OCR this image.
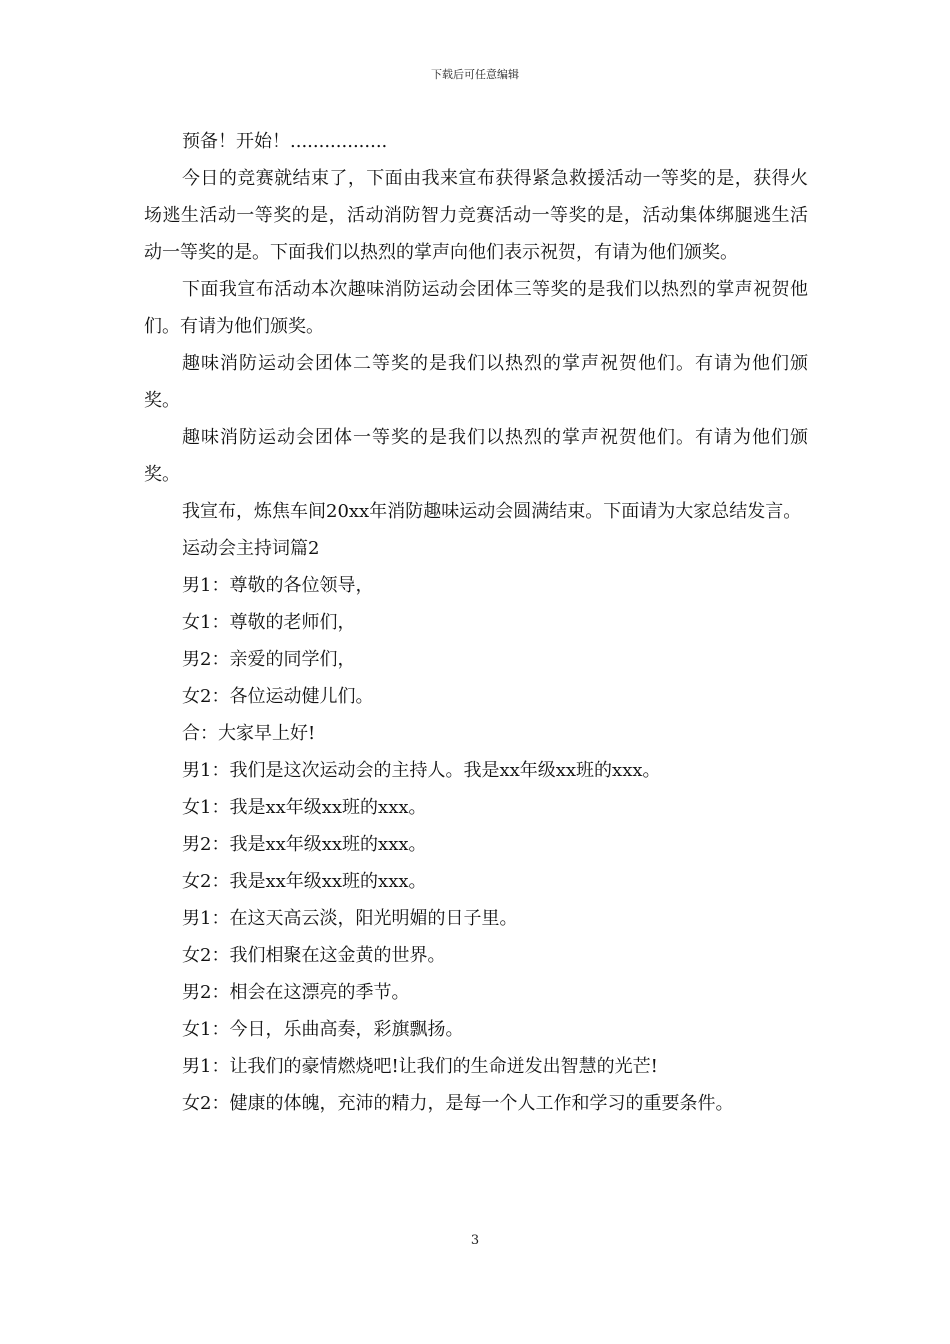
下载后可任意编辑

预备！开始！.................

今日的竞赛就结束了，下面由我来宣布获得紧急救援活动一等奖的是，获得火场逃生活动一等奖的是，活动消防智力竞赛活动一等奖的是，活动集体绑腿逃生活动一等奖的是。下面我们以热烈的掌声向他们表示祝贺，有请为他们颁奖。

下面我宣布活动本次趣味消防运动会团体三等奖的是我们以热烈的掌声祝贺他们。有请为他们颁奖。

趣味消防运动会团体二等奖的是我们以热烈的掌声祝贺他们。有请为他们颁奖。

趣味消防运动会团体一等奖的是我们以热烈的掌声祝贺他们。有请为他们颁奖。

我宣布，炼焦车间20xx年消防趣味运动会圆满结束。下面请为大家总结发言。

运动会主持词篇2

男1：尊敬的各位领导，

女1：尊敬的老师们，

男2：亲爱的同学们，

女2：各位运动健儿们。

合：大家早上好!

男1：我们是这次运动会的主持人。我是xx年级xx班的xxx。

女1：我是xx年级xx班的xxx。

男2：我是xx年级xx班的xxx。

女2：我是xx年级xx班的xxx。

男1：在这天高云淡，阳光明媚的日子里。

女2：我们相聚在这金黄的世界。

男2：相会在这漂亮的季节。

女1：今日，乐曲高奏，彩旗飘扬。

男1：让我们的豪情燃烧吧!让我们的生命迸发出智慧的光芒!

女2：健康的体魄，充沛的精力，是每一个人工作和学习的重要条件。

3
